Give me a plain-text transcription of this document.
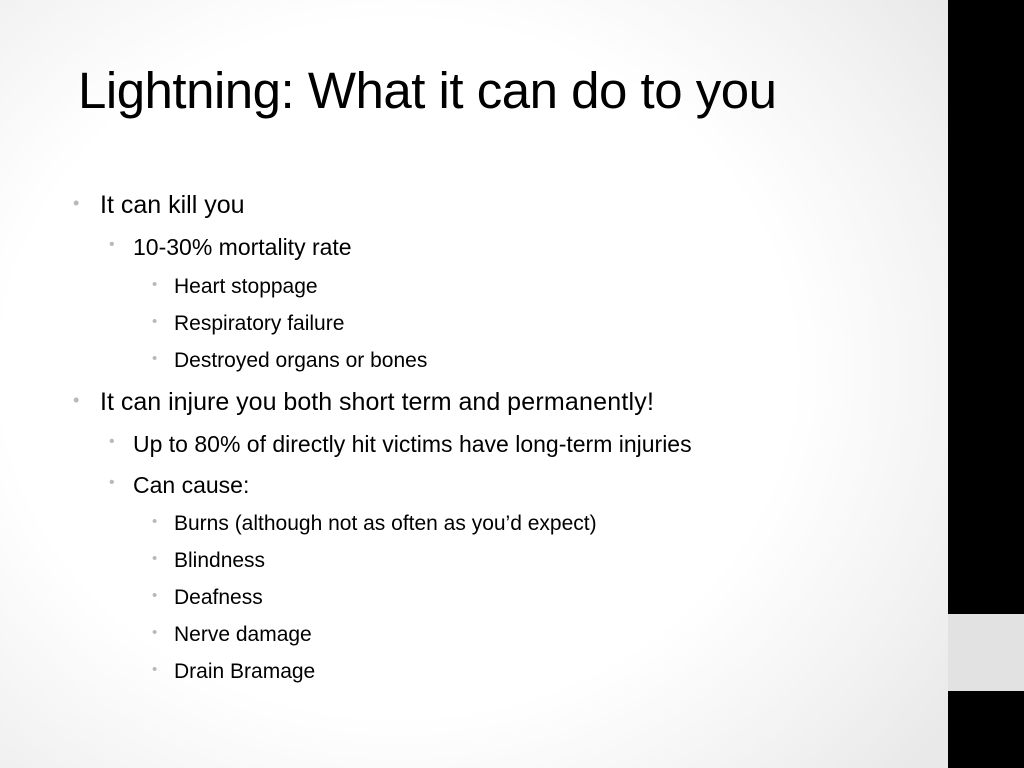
Lightning: What it can do to you
• It can kill you
• 10-30% mortality rate
• Heart stoppage
• Respiratory failure
• Destroyed organs or bones
• It can injure you both short term and permanently!
• Up to 80% of directly hit victims have long-term injuries
• Can cause:
• Burns (although not as often as you’d expect)
• Blindness
• Deafness
• Nerve damage
• Drain Bramage
